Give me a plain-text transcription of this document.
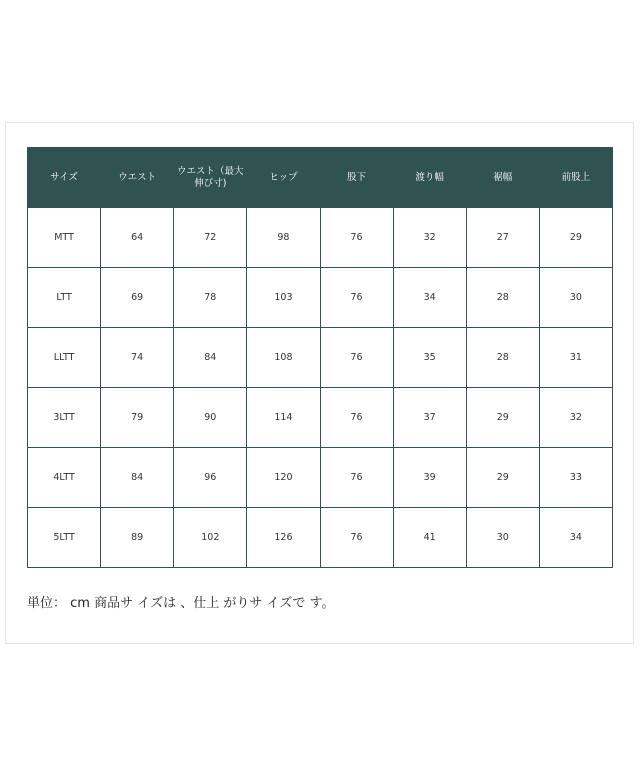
サイズ	ウエスト	ウエスト（最大伸び寸)	ヒップ	股下	渡り幅	裾幅	前股上
MTT	64	72	98	76	32	27	29
LTT	69	78	103	76	34	28	30
LLTT	74	84	108	76	35	28	31
3LTT	79	90	114	76	37	29	32
4LTT	84	96	120	76	39	29	33
5LTT	89	102	126	76	41	30	34
単位： cm 商品サ イズは 、仕上 がりサ イズで す。
